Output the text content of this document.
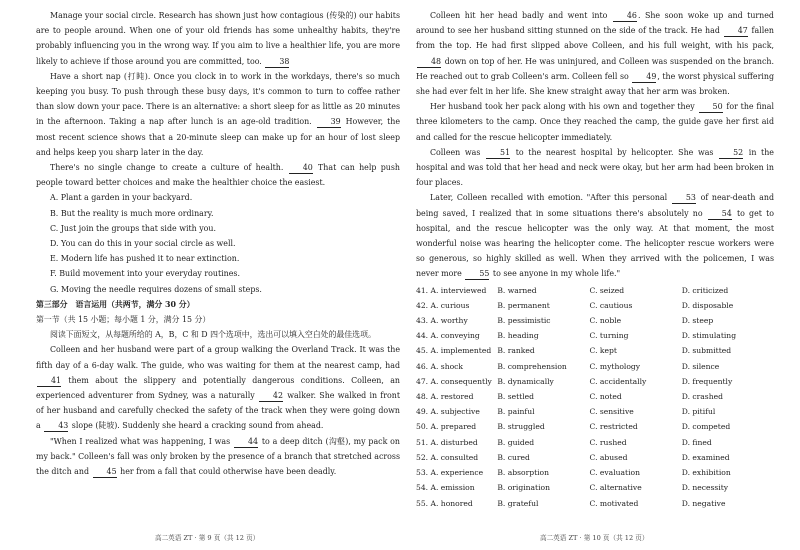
Manage your social circle. Research has shown just how contagious (传染的) our habits are to people around. When one of your old friends has some unhealthy habits, they're probably influencing you in the wrong way. If you aim to live a healthier life, you are more likely to achieve if those around you are committed, too. 38

Have a short nap (打盹). Once you clock in to work in the workdays, there's so much keeping you busy. To push through these busy days, it's common to turn to coffee rather than slow down your pace. There is an alternative: a short sleep for as little as 20 minutes in the afternoon. Taking a nap after lunch is an age-old tradition. 39 However, the most recent science shows that a 20-minute sleep can make up for an hour of lost sleep and helps keep you sharp later in the day.

There's no single change to create a culture of health. 40 That can help push people toward better choices and make the healthier choice the easiest.

A. Plant a garden in your backyard.

B. But the reality is much more ordinary.

C. Just join the groups that side with you.

D. You can do this in your social circle as well.

E. Modern life has pushed it to near extinction.

F. Build movement into your everyday routines.

G. Moving the needle requires dozens of small steps.

第三部分　语言运用（共两节，满分 30 分）

第一节（共 15 小题；每小题 1 分，满分 15 分）

阅读下面短文，从每题所给的 A，B，C 和 D 四个选项中，选出可以填入空白处的最佳选项。

Colleen and her husband were part of a group walking the Overland Track. It was the fifth day of a 6-day walk. The guide, who was waiting for them at the nearest camp, had 41 them about the slippery and potentially dangerous conditions. Colleen, an experienced adventurer from Sydney, was a naturally 42 walker. She walked in front of her husband and carefully checked the safety of the track when they were going down a 43 slope (陡坡). Suddenly she heard a cracking sound from ahead.

"When I realized what was happening, I was 44 to a deep ditch (沟壑), my pack on my back." Colleen's fall was only broken by the presence of a branch that stretched across the ditch and 45 her from a fall that could otherwise have been deadly.

Colleen hit her head badly and went into 46. She soon woke up and turned around to see her husband sitting stunned on the side of the track. He had 47 fallen from the top. He had first slipped above Colleen, and his full weight, with his pack, 48 down on top of her. He was uninjured, and Colleen was suspended on the branch. He reached out to grab Colleen's arm. Colleen fell so 49, the worst physical suffering she had ever felt in her life. She knew straight away that her arm was broken.

Her husband took her pack along with his own and together they 50 for the final three kilometers to the camp. Once they reached the camp, the guide gave her first aid and called for the rescue helicopter immediately.

Colleen was 51 to the nearest hospital by helicopter. She was 52 in the hospital and was told that her head and neck were okay, but her arm had been broken in four places.

Later, Colleen recalled with emotion. "After this personal 53 of near-death and being saved, I realized that in some situations there's absolutely no 54 to get to hospital, and the rescue helicopter was the only way. At that moment, the most wonderful noise was hearing the helicopter come. The helicopter rescue workers were so generous, so highly skilled as well. When they arrived with the policemen, I was never more 55 to see anyone in my whole life."

41. A. interviewed	B. warned	C. seized	D. criticized
42. A. curious	B. permanent	C. cautious	D. disposable
43. A. worthy	B. pessimistic	C. noble	D. steep
44. A. conveying	B. heading	C. turning	D. stimulating
45. A. implemented	B. ranked	C. kept	D. submitted
46. A. shock	B. comprehension	C. mythology	D. silence
47. A. consequently	B. dynamically	C. accidentally	D. frequently
48. A. restored	B. settled	C. noted	D. crashed
49. A. subjective	B. painful	C. sensitive	D. pitiful
50. A. prepared	B. struggled	C. restricted	D. competed
51. A. disturbed	B. guided	C. rushed	D. fined
52. A. consulted	B. cured	C. abused	D. examined
53. A. experience	B. absorption	C. evaluation	D. exhibition
54. A. emission	B. origination	C. alternative	D. necessity
55. A. honored	B. grateful	C. motivated	D. negative
高二英语 ZT · 第 9 页（共 12 页）	高二英语 ZT · 第 10 页（共 12 页）
